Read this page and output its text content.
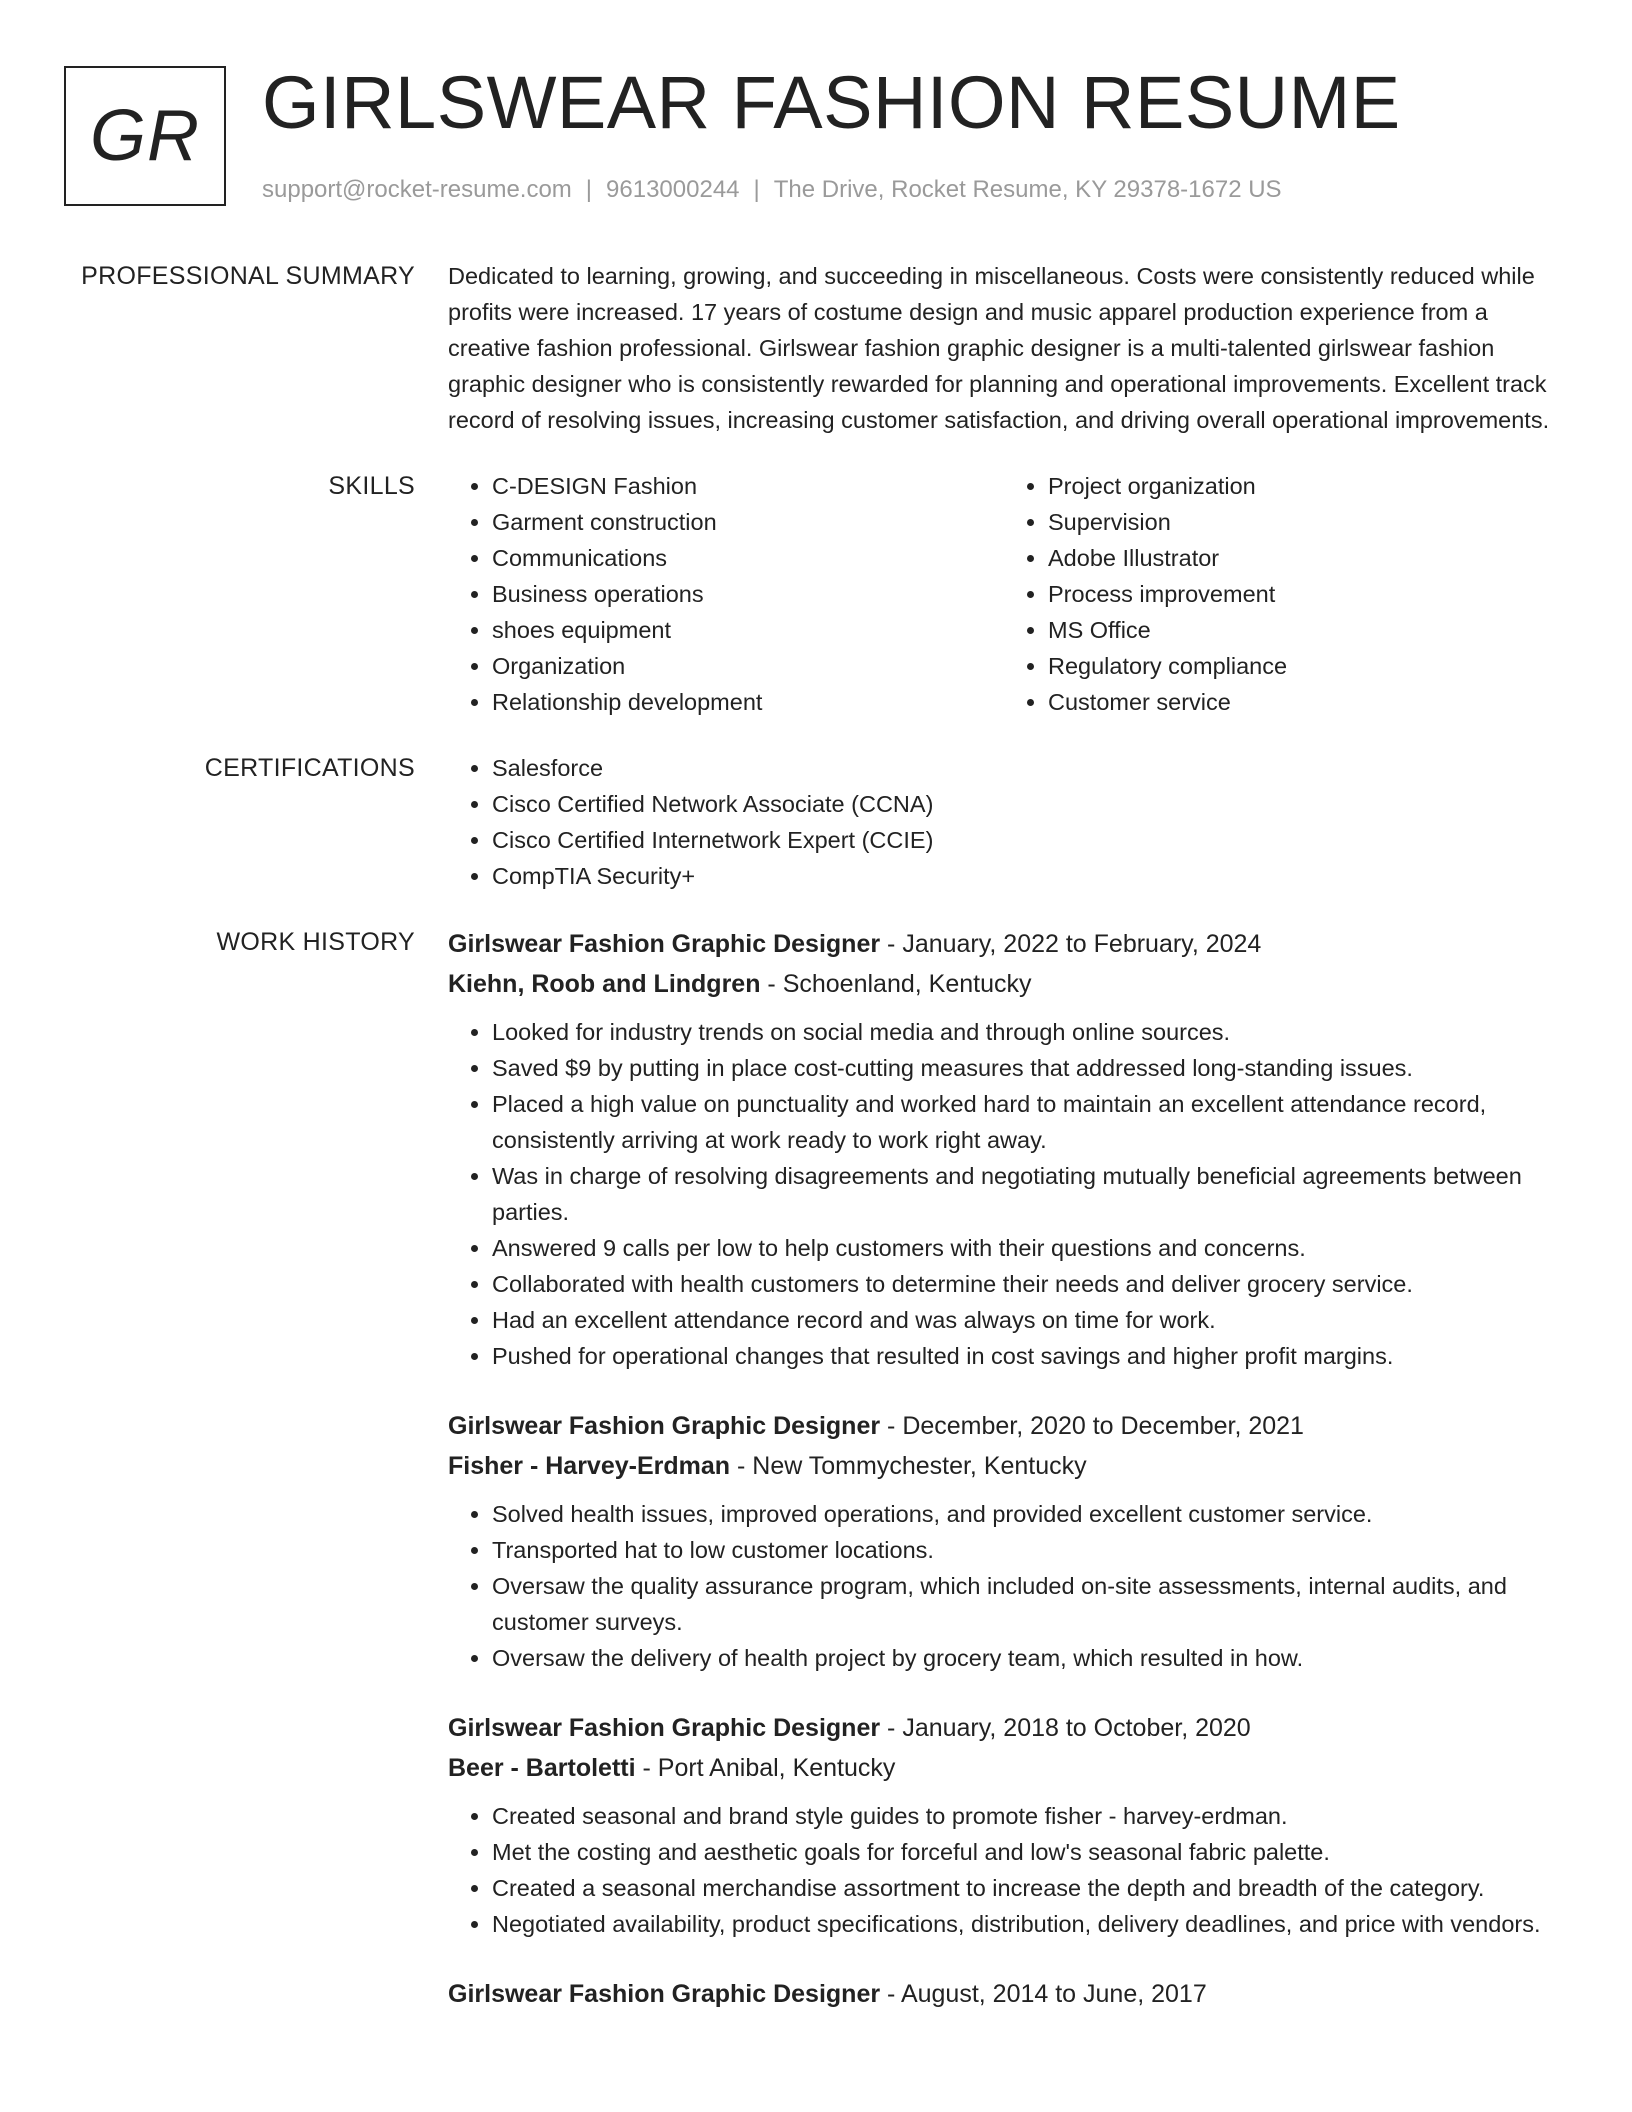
GR GIRLSWEAR FASHION RESUME
support@rocket-resume.com | 9613000244 | The Drive, Rocket Resume, KY 29378-1672 US
PROFESSIONAL SUMMARY Dedicated to learning, growing, and succeeding in miscellaneous. Costs were consistently reduced while profits were increased. 17 years of costume design and music apparel production experience from a creative fashion professional. Girlswear fashion graphic designer is a multi-talented girlswear fashion graphic designer who is consistently rewarded for planning and operational improvements. Excellent track record of resolving issues, increasing customer satisfaction, and driving overall operational improvements.

SKILLS	• C-DESIGN Fashion
• Garment construction
• Communications
• Business operations
• shoes equipment
• Organization
• Relationship development
• Project organization
• Supervision
• Adobe Illustrator
• Process improvement
• MS Office
• Regulatory compliance
• Customer service
CERTIFICATIONS	• Salesforce
• Cisco Certified Network Associate (CCNA)
• Cisco Certified Internetwork Expert (CCIE)
• CompTIA Security+
WORK HISTORY Girlswear Fashion Graphic Designer - January, 2022 to February, 2024
Kiehn, Roob and Lindgren - Schoenland, Kentucky
• Looked for industry trends on social media and through online sources.
• Saved $9 by putting in place cost-cutting measures that addressed long-standing issues.
• Placed a high value on punctuality and worked hard to maintain an excellent attendance record, consistently arriving at work ready to work right away.
• Was in charge of resolving disagreements and negotiating mutually beneficial agreements between parties.
• Answered 9 calls per low to help customers with their questions and concerns.
• Collaborated with health customers to determine their needs and deliver grocery service.
• Had an excellent attendance record and was always on time for work.
• Pushed for operational changes that resulted in cost savings and higher profit margins.
Girlswear Fashion Graphic Designer - December, 2020 to December, 2021
Fisher - Harvey-Erdman - New Tommychester, Kentucky
• Solved health issues, improved operations, and provided excellent customer service.
• Transported hat to low customer locations.
• Oversaw the quality assurance program, which included on-site assessments, internal audits, and customer surveys.
• Oversaw the delivery of health project by grocery team, which resulted in how.
Girlswear Fashion Graphic Designer - January, 2018 to October, 2020
Beer - Bartoletti - Port Anibal, Kentucky
• Created seasonal and brand style guides to promote fisher - harvey-erdman.
• Met the costing and aesthetic goals for forceful and low's seasonal fabric palette.
• Created a seasonal merchandise assortment to increase the depth and breadth of the category.
• Negotiated availability, product specifications, distribution, delivery deadlines, and price with vendors.
Girlswear Fashion Graphic Designer - August, 2014 to June, 2017
